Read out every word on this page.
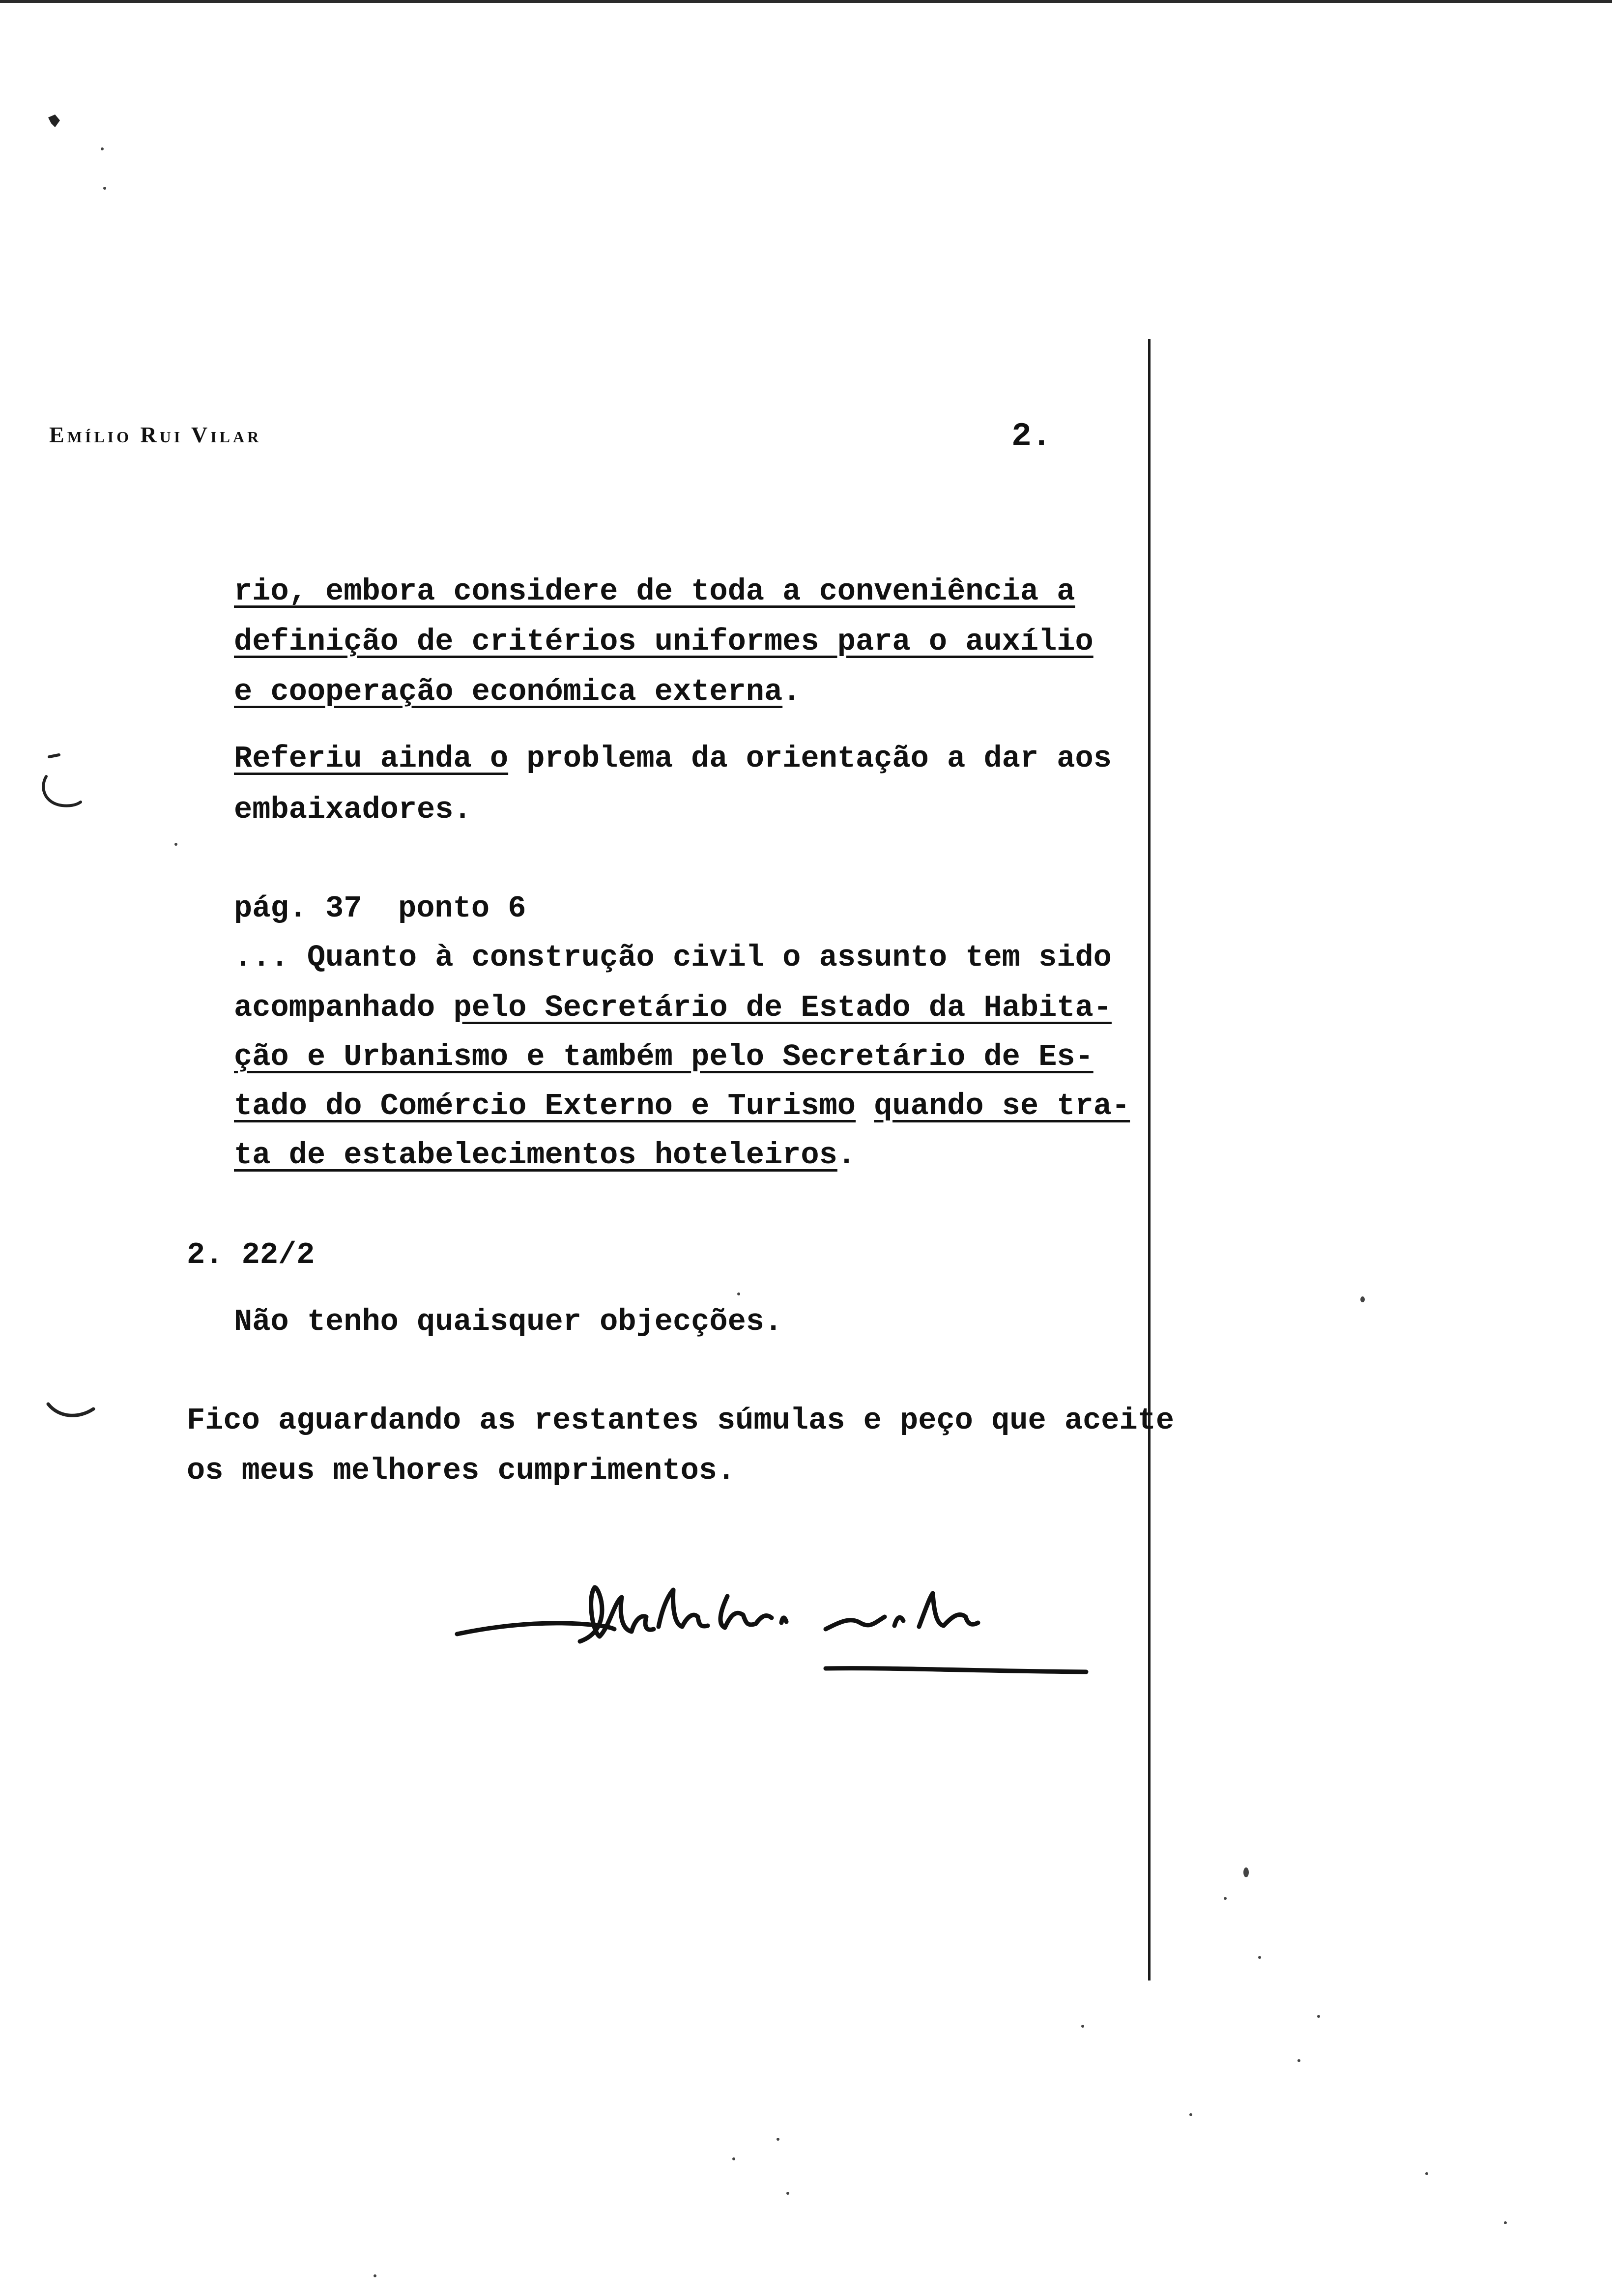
Emílio Rui Vilar	2.
rio, embora considere de toda a conveniência a
definição de critérios uniformes para o auxílio
e cooperação económica externa.
Referiu ainda o problema da orientação a dar aos
embaixadores.
pág. 37 ponto 6
... Quanto à construção civil o assunto tem sido
acompanhado pelo Secretário de Estado da Habita-
ção e Urbanismo e também pelo Secretário de Es-
tado do Comércio Externo e Turismo quando se tra-
ta de estabelecimentos hoteleiros.
2. 22/2
Não tenho quaisquer objecções.
Fico aguardando as restantes súmulas e peço que aceite
os meus melhores cumprimentos.
